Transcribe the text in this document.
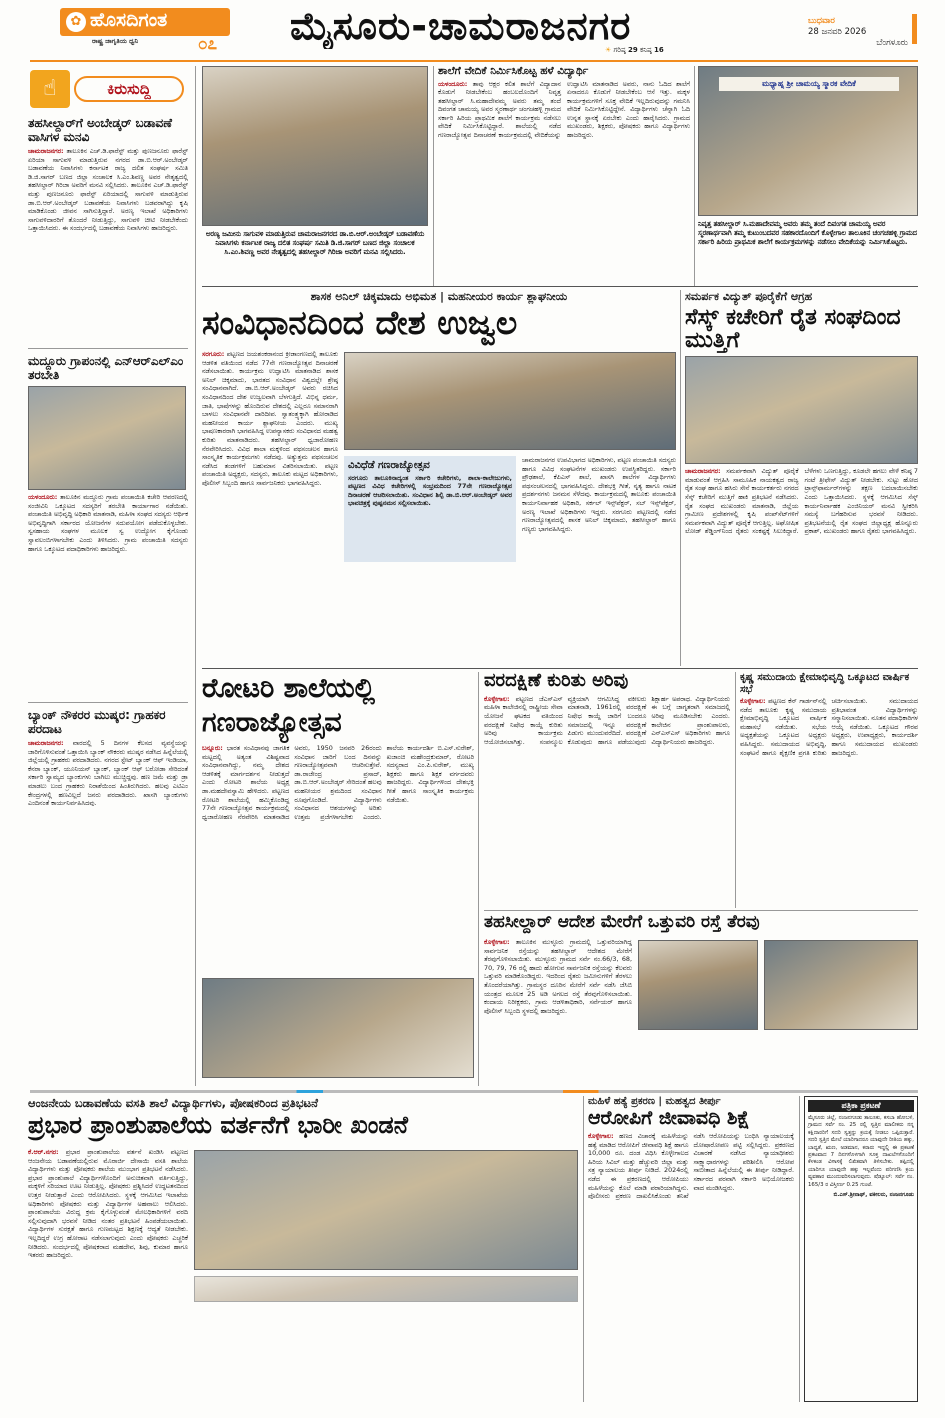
✿ ಹೊಸದಿಗಂತ
ರಾಷ್ಟ್ರ ಜಾಗೃತಿಯ ಧ್ವನಿ	೦೭ ಮೈಸೂರು-ಚಾಮರಾಜನಗರ
☀ ಗರಿಷ್ಠ 29 ಕನಿಷ್ಠ 16
ಬುಧವಾರ
28 ಜನವರಿ 2026
ಬೆಂಗಳೂರು
☝	ಕಿರುಸುದ್ದಿ
ತಹಸೀಲ್ದಾರ್‌ಗೆ ಅಂಬೇಡ್ಕರ್ ಬಡಾವಣೆ ವಾಸಿಗಳ ಮನವಿ
ಚಾಮರಾಜನಗರ: ತಾಲೂಕಿನ ಎಚ್.ಡಿ.ಫಾರೆಸ್ಟ್ ಮತ್ತು ಪುಣಜನೂರು ಫಾರೆಸ್ಟ್ ಏರಿಯಾ ಸಾಗುವಳಿ ಮಾಡುತ್ತಿರುವ ನಗರದ ಡಾ.ಬಿ.ಆರ್.ಅಂಬೇಡ್ಕರ್ ಬಡಾವಣೆಯ ನಿವಾಸಿಗಳು ಕರ್ನಾಟಕ ರಾಜ್ಯ ದಲಿತ ಸಂಘರ್ಷ ಸಮಿತಿ ಡಿ.ಜಿ.ಸಾಗರ್ ಬಣದ ಜಿಲ್ಲಾ ಸಂಚಾಲಕ ಸಿ.ಎಂ.ಶಿವಣ್ಣ ಅವರ ನೇತೃತ್ವದಲ್ಲಿ ತಹಸೀಲ್ದಾರ್ ಗಿರಿಜಾ ಅವರಿಗೆ ಮನವಿ ಸಲ್ಲಿಸಿದರು. ತಾಲೂಕಿನ ಎಚ್.ಡಿ.ಫಾರೆಸ್ಟ್ ಮತ್ತು ಪುಣಜನೂರು ಫಾರೆಸ್ಟ್ ಏರಿಯಾದಲ್ಲಿ ಸಾಗುವಳಿ ಮಾಡುತ್ತಿರುವ ಡಾ.ಬಿ.ಆರ್.ಅಂಬೇಡ್ಕರ್ ಬಡಾವಣೆಯ ನಿವಾಸಿಗಳು ಬಡವರಾಗಿದ್ದು ಕೃಷಿ ಮಾಡಿಕೊಂಡು ಜೀವನ ಸಾಗಿಸುತ್ತಿದ್ದಾರೆ. ಅರಣ್ಯ ಇಲಾಖೆ ಅಧಿಕಾರಿಗಳು ಸಾಗುವಳಿದಾರರಿಗೆ ತೊಂದರೆ ನೀಡುತ್ತಿದ್ದು, ಸಾಗುವಳಿ ಚೀಟಿ ನೀಡಬೇಕೆಂದು ಒತ್ತಾಯಿಸಿದರು. ಈ ಸಂದರ್ಭದಲ್ಲಿ ಬಡಾವಣೆಯ ನಿವಾಸಿಗಳು ಹಾಜರಿದ್ದರು.
ಮದ್ದೂರು ಗ್ರಾಪಂನಲ್ಲಿ ಎನ್‌ಆರ್‌ಎಲ್‌ಎಂ ತರಬೇತಿ
ಯಳಂದೂರು: ತಾಲೂಕಿನ ಮದ್ದೂರು ಗ್ರಾಮ ಪಂಚಾಯಿತಿ ಕಚೇರಿ ಆವರಣದಲ್ಲಿ ಸಂಜೀವಿನಿ ಒಕ್ಕೂಟದ ಸದಸ್ಯರಿಗೆ ತರಬೇತಿ ಕಾರ್ಯಾಗಾರ ನಡೆಯಿತು. ಪಂಚಾಯಿತಿ ಅಭಿವೃದ್ಧಿ ಅಧಿಕಾರಿ ಮಾತನಾಡಿ, ಮಹಿಳಾ ಸಂಘದ ಸದಸ್ಯರು ಆರ್ಥಿಕ ಅಭಿವೃದ್ಧಿಗಾಗಿ ಸರ್ಕಾರದ ಯೋಜನೆಗಳ ಸದುಪಯೋಗ ಪಡೆದುಕೊಳ್ಳಬೇಕು. ಸ್ವಸಹಾಯ ಸಂಘಗಳ ಮೂಲಕ ಸ್ವ ಉದ್ಯೋಗ ಕೈಗೊಂಡು ಸ್ವಾವಲಂಬಿಗಳಾಗಬೇಕು ಎಂದು ತಿಳಿಸಿದರು. ಗ್ರಾಮ ಪಂಚಾಯಿತಿ ಸದಸ್ಯರು ಹಾಗೂ ಒಕ್ಕೂಟದ ಪದಾಧಿಕಾರಿಗಳು ಹಾಜರಿದ್ದರು.
ಬ್ಯಾಂಕ್ ನೌಕರರ ಮುಷ್ಕರ: ಗ್ರಾಹಕರ ಪರದಾಟ
ಚಾಮರಾಜನಗರ: ವಾರದಲ್ಲಿ 5 ದಿನಗಳ ಕೆಲಸದ ವ್ಯವಸ್ಥೆಯನ್ನು ಜಾರಿಗೊಳಿಸುವಂತೆ ಒತ್ತಾಯಿಸಿ ಬ್ಯಾಂಕ್ ನೌಕರರು ಮುಷ್ಕರ ನಡೆಸಿದ ಹಿನ್ನೆಲೆಯಲ್ಲಿ ಜಿಲ್ಲೆಯಲ್ಲಿ ಗ್ರಾಹಕರು ಪರದಾಡಿದರು. ನಗರದ ಸ್ಟೇಟ್ ಬ್ಯಾಂಕ್ ಆಫ್ ಇಂಡಿಯಾ, ಕೆನರಾ ಬ್ಯಾಂಕ್, ಯೂನಿಯನ್ ಬ್ಯಾಂಕ್, ಬ್ಯಾಂಕ್ ಆಫ್ ಬರೋಡಾ ಸೇರಿದಂತೆ ಸರ್ಕಾರಿ ಸ್ವಾಮ್ಯದ ಬ್ಯಾಂಕುಗಳು ಬಾಗಿಲು ಮುಚ್ಚಿದ್ದವು. ಹಣ ಜಮೆ ಮತ್ತು ಡ್ರಾ ಮಾಡಲು ಬಂದ ಗ್ರಾಹಕರು ನಿರಾಶೆಯಿಂದ ಹಿಂತಿರುಗಿದರು. ಹಲವು ಎಟಿಎಂ ಕೇಂದ್ರಗಳಲ್ಲಿ ಹಣವಿಲ್ಲದೆ ಜನರು ಪರದಾಡಿದರು. ಖಾಸಗಿ ಬ್ಯಾಂಕುಗಳು ಎಂದಿನಂತೆ ಕಾರ್ಯನಿರ್ವಹಿಸಿದವು.
ಅರಣ್ಯ ಜಮೀನು ಸಾಗುವಳಿ ಮಾಡುತ್ತಿರುವ ಚಾಮರಾಜನಗರದ ಡಾ.ಬಿ.ಆರ್.ಅಂಬೇಡ್ಕರ್ ಬಡಾವಣೆಯ ನಿವಾಸಿಗಳು ಕರ್ನಾಟಕ ರಾಜ್ಯ ದಲಿತ ಸಂಘರ್ಷ ಸಮಿತಿ ಡಿ.ಜಿ.ಸಾಗರ್ ಬಣದ ಜಿಲ್ಲಾ ಸಂಚಾಲಕ ಸಿ.ಎಂ.ಶಿವಣ್ಣ ಅವರ ನೇತೃತ್ವದಲ್ಲಿ ತಹಸೀಲ್ದಾರ್ ಗಿರಿಜಾ ಅವರಿಗೆ ಮನವಿ ಸಲ್ಲಿಸಿದರು.
ಶಾಲೆಗೆ ವೇದಿಕೆ ನಿರ್ಮಿಸಿಕೊಟ್ಟ ಹಳೆ ವಿದ್ಯಾರ್ಥಿ
ಯಳಂದೂರು: ತಾವು ಆಕ್ಷರ ಕಲಿತ ಶಾಲೆಗೆ ವಿದ್ಯಾದಾನ ಕೊಡುಗೆ ನೀಡಬೇಕೆಂಬ ಹಂಬಲದೊಂದಿಗೆ ನಿವೃತ್ತ ತಹಸೀಲ್ದಾರ್ ಸಿ.ಮಹಾದೇವಮ್ಮ ಅವರು ತಮ್ಮ ತಂದೆ ದಿವಂಗತ ಚಾಮಯ್ಯ ಅವರ ಸ್ಮರಣಾರ್ಥ ಚಂಗಚಹಳ್ಳಿ ಗ್ರಾಮದ ಸರ್ಕಾರಿ ಹಿರಿಯ ಪ್ರಾಥಮಿಕ ಶಾಲೆಗೆ ಕಾರ್ಯಕ್ರಮ ನಡೆಸಲು ವೇದಿಕೆ ನಿರ್ಮಿಸಿಕೊಟ್ಟಿದ್ದಾರೆ. ಶಾಲೆಯಲ್ಲಿ ನಡೆದ ಗಣರಾಜ್ಯೋತ್ಸವ ದಿನಾಚರಣೆ ಕಾರ್ಯಕ್ರಮದಲ್ಲಿ ವೇದಿಕೆಯನ್ನು ಉದ್ಘಾಟಿಸಿ ಮಾತನಾಡಿದ ಅವರು, ನಾನು ಓದಿದ ಶಾಲೆಗೆ ಏನಾದರೂ ಕೊಡುಗೆ ನೀಡಬೇಕೆಂಬ ಆಸೆ ಇತ್ತು. ಮಕ್ಕಳ ಕಾರ್ಯಕ್ರಮಗಳಿಗೆ ಸೂಕ್ತ ವೇದಿಕೆ ಇಲ್ಲದಿರುವುದನ್ನು ಗಮನಿಸಿ ವೇದಿಕೆ ನಿರ್ಮಿಸಿಕೊಟ್ಟಿದ್ದೇನೆ. ವಿದ್ಯಾರ್ಥಿಗಳು ಚೆನ್ನಾಗಿ ಓದಿ ಉನ್ನತ ಸ್ಥಾನಕ್ಕೆ ಏರಬೇಕು ಎಂದು ಹಾರೈಸಿದರು. ಗ್ರಾಮದ ಮುಖಂಡರು, ಶಿಕ್ಷಕರು, ಪೋಷಕರು ಹಾಗೂ ವಿದ್ಯಾರ್ಥಿಗಳು ಹಾಜರಿದ್ದರು.
ಮಧ್ಯಾಹ್ನ ಶ್ರೀ ಚಾಮಯ್ಯ ಸ್ಮಾರಕ ವೇದಿಕೆ
ನಿವೃತ್ತ ತಹಸೀಲ್ದಾರ್ ಸಿ.ಮಹಾದೇವಮ್ಮ ಅವರು ತಮ್ಮ ತಂದೆ ದಿವಂಗತ ಚಾಮಯ್ಯ ಅವರ ಸ್ಮರಣಾರ್ಥವಾಗಿ ತಮ್ಮ ಕುಟುಂಬದವರ ಸಹಕಾರದೊಂದಿಗೆ ಕೊಳ್ಳೇಗಾಲ ತಾಲೂಕಿನ ಚಂಗಚಹಳ್ಳಿ ಗ್ರಾಮದ ಸರ್ಕಾರಿ ಹಿರಿಯ ಪ್ರಾಥಮಿಕ ಶಾಲೆಗೆ ಕಾರ್ಯಕ್ರಮಗಳನ್ನು ನಡೆಸಲು ವೇದಿಕೆಯನ್ನು ನಿರ್ಮಿಸಿಕೊಟ್ಟರು.
ಶಾಸಕ ಅನಿಲ್ ಚಿಕ್ಕಮಾದು ಅಭಿಮತ | ಮಹನೀಯರ ಕಾರ್ಯ ಶ್ಲಾಘನೀಯ
ಸಂವಿಧಾನದಿಂದ ದೇಶ ಉಜ್ವಲ
ಸರಗೂರು: ಪಟ್ಟಣದ ಜಯಶಂಕರಾನಂದ ಕ್ರೀಡಾಂಗಣದಲ್ಲಿ ತಾಲೂಕು ಆಡಳಿತ ವತಿಯಿಂದ ನಡೆದ 77ನೇ ಗಣರಾಜ್ಯೋತ್ಸವ ದಿನಾಚರಣೆ ನಡೆಸಲಾಯಿತು. ಕಾರ್ಯಕ್ರಮ ಉದ್ಘಾಟಿಸಿ ಮಾತನಾಡಿದ ಶಾಸಕ ಅನಿಲ್ ಚಿಕ್ಕಮಾದು, ಭಾರತದ ಸಂವಿಧಾನ ವಿಶ್ವದಲ್ಲೇ ಶ್ರೇಷ್ಠ ಸಂವಿಧಾನವಾಗಿದೆ. ಡಾ.ಬಿ.ಆರ್.ಅಂಬೇಡ್ಕರ್ ಅವರು ರಚಿಸಿದ ಸಂವಿಧಾನದಿಂದ ದೇಶ ಉಜ್ವಲವಾಗಿ ಬೆಳಗುತ್ತಿದೆ. ವಿಭಿನ್ನ ಧರ್ಮ, ಜಾತಿ, ಭಾಷೆಗಳನ್ನು ಹೊಂದಿರುವ ದೇಶದಲ್ಲಿ ಎಲ್ಲರೂ ಸಮಾನರಾಗಿ ಬಾಳಲು ಸಂವಿಧಾನವೇ ದಾರಿದೀಪ. ಸ್ವಾತಂತ್ರ್ಯಕ್ಕಾಗಿ ಹೋರಾಡಿದ ಮಹನೀಯರ ಕಾರ್ಯ ಶ್ಲಾಘನೀಯ ಎಂದರು. ಮುಖ್ಯ ಭಾಷಣಕಾರರಾಗಿ ಭಾಗವಹಿಸಿದ್ದ ಉಪನ್ಯಾಸಕರು ಸಂವಿಧಾನದ ಮಹತ್ವ ಕುರಿತು ಮಾತನಾಡಿದರು. ತಹಸೀಲ್ದಾರ್ ಧ್ವಜಾರೋಹಣ ನೆರವೇರಿಸಿದರು. ವಿವಿಧ ಶಾಲಾ ಮಕ್ಕಳಿಂದ ಪಥಸಂಚಲನ ಹಾಗೂ ಸಾಂಸ್ಕೃತಿಕ ಕಾರ್ಯಕ್ರಮಗಳು ನಡೆದವು. ಅತ್ಯುತ್ತಮ ಪಥಸಂಚಲನ ನಡೆಸಿದ ತಂಡಗಳಿಗೆ ಬಹುಮಾನ ವಿತರಿಸಲಾಯಿತು. ಪಟ್ಟಣ ಪಂಚಾಯಿತಿ ಅಧ್ಯಕ್ಷರು, ಸದಸ್ಯರು, ತಾಲೂಕು ಮಟ್ಟದ ಅಧಿಕಾರಿಗಳು, ಪೊಲೀಸ್ ಸಿಬ್ಬಂದಿ ಹಾಗೂ ಸಾರ್ವಜನಿಕರು ಭಾಗವಹಿಸಿದ್ದರು.
ವಿವಿಧೆಡೆ ಗಣರಾಜ್ಯೋತ್ಸವ
ಸರಗೂರು ತಾಲೂಕಿನಾದ್ಯಂತ ಸರ್ಕಾರಿ ಕಚೇರಿಗಳು, ಶಾಲಾ-ಕಾಲೇಜುಗಳು, ಪಟ್ಟಣದ ವಿವಿಧ ಕಚೇರಿಗಳಲ್ಲಿ ಸಂಭ್ರಮದಿಂದ 77ನೇ ಗಣರಾಜ್ಯೋತ್ಸವ ದಿನಾಚರಣೆ ಆಚರಿಸಲಾಯಿತು. ಸಂವಿಧಾನ ಶಿಲ್ಪಿ ಡಾ.ಬಿ.ಆರ್.ಅಂಬೇಡ್ಕರ್ ಅವರ ಭಾವಚಿತ್ರಕ್ಕೆ ಪುಷ್ಪನಮನ ಸಲ್ಲಿಸಲಾಯಿತು.
ಚಾಮರಾಜನಗರ ಉಪವಿಭಾಗದ ಅಧಿಕಾರಿಗಳು, ಪಟ್ಟಣ ಪಂಚಾಯಿತಿ ಸದಸ್ಯರು ಹಾಗೂ ವಿವಿಧ ಸಂಘಟನೆಗಳ ಮುಖಂಡರು ಉಪಸ್ಥಿತರಿದ್ದರು. ಸರ್ಕಾರಿ ಪ್ರೌಢಶಾಲೆ, ಕೆಪಿಎಸ್ ಶಾಲೆ, ಖಾಸಗಿ ಶಾಲೆಗಳ ವಿದ್ಯಾರ್ಥಿಗಳು ಪಥಸಂಚಲನದಲ್ಲಿ ಭಾಗವಹಿಸಿದ್ದರು. ದೇಶಭಕ್ತಿ ಗೀತೆ, ನೃತ್ಯ ಹಾಗೂ ನಾಟಕ ಪ್ರದರ್ಶನಗಳು ಜನಮನ ಸೆಳೆದವು. ಕಾರ್ಯಕ್ರಮದಲ್ಲಿ ತಾಲೂಕು ಪಂಚಾಯಿತಿ ಕಾರ್ಯನಿರ್ವಾಹಕ ಅಧಿಕಾರಿ, ಸರ್ಕಲ್ ಇನ್ಸ್‌ಪೆಕ್ಟರ್, ಸಬ್ ಇನ್ಸ್‌ಪೆಕ್ಟರ್, ಅರಣ್ಯ ಇಲಾಖೆ ಅಧಿಕಾರಿಗಳು ಇದ್ದರು. ಸರಗೂರು ಪಟ್ಟಣದಲ್ಲಿ ನಡೆದ ಗಣರಾಜ್ಯೋತ್ಸವದಲ್ಲಿ ಶಾಸಕ ಅನಿಲ್ ಚಿಕ್ಕಮಾದು, ತಹಸೀಲ್ದಾರ್ ಹಾಗೂ ಗಣ್ಯರು ಭಾಗವಹಿಸಿದ್ದರು.
ಸಮರ್ಪಕ ವಿದ್ಯುತ್ ಪೂರೈಕೆಗೆ ಆಗ್ರಹ
ಸೆಸ್ಕ್ ಕಚೇರಿಗೆ ರೈತ ಸಂಘದಿಂದ ಮುತ್ತಿಗೆ
ಚಾಮರಾಜನಗರ: ಸಮರ್ಪಕವಾಗಿ ವಿದ್ಯುತ್ ಪೂರೈಕೆ ಮಾಡುವಂತೆ ಆಗ್ರಹಿಸಿ ಸಾಮೂಹಿಕ ನಾಯಕತ್ವದ ರಾಜ್ಯ ರೈತ ಸಂಘ ಹಾಗೂ ಹಸಿರು ಸೇನೆ ಕಾರ್ಯಕರ್ತರು ನಗರದ ಸೆಸ್ಕ್ ಕಚೇರಿಗೆ ಮುತ್ತಿಗೆ ಹಾಕಿ ಪ್ರತಿಭಟನೆ ನಡೆಸಿದರು. ರೈತ ಸಂಘದ ಮುಖಂಡರು ಮಾತನಾಡಿ, ಜಿಲ್ಲೆಯ ಗ್ರಾಮೀಣ ಪ್ರದೇಶಗಳಲ್ಲಿ ಕೃಷಿ ಪಂಪ್‌ಸೆಟ್‌ಗಳಿಗೆ ಸಮರ್ಪಕವಾಗಿ ವಿದ್ಯುತ್ ಪೂರೈಕೆ ಆಗುತ್ತಿಲ್ಲ. ಅಘೋಷಿತ ಲೋಡ್ ಶೆಡ್ಡಿಂಗ್‌ನಿಂದ ರೈತರು ಸಂಕಷ್ಟಕ್ಕೆ ಸಿಲುಕಿದ್ದಾರೆ. ಬೆಳೆಗಳು ಒಣಗುತ್ತಿದ್ದು, ಕೂಡಲೇ ಹಗಲು ವೇಳೆ ಕನಿಷ್ಠ 7 ಗಂಟೆ ತ್ರೀಫೇಸ್ ವಿದ್ಯುತ್ ನೀಡಬೇಕು. ಸುಟ್ಟು ಹೋದ ಟ್ರಾನ್ಸ್‌ಫಾರ್ಮರ್‌ಗಳನ್ನು ತಕ್ಷಣ ಬದಲಾಯಿಸಬೇಕು ಎಂದು ಒತ್ತಾಯಿಸಿದರು. ಸ್ಥಳಕ್ಕೆ ಆಗಮಿಸಿದ ಸೆಸ್ಕ್ ಕಾರ್ಯನಿರ್ವಾಹಕ ಎಂಜಿನಿಯರ್ ಮನವಿ ಸ್ವೀಕರಿಸಿ ಸಮಸ್ಯೆ ಬಗೆಹರಿಸುವ ಭರವಸೆ ನೀಡಿದರು. ಪ್ರತಿಭಟನೆಯಲ್ಲಿ ರೈತ ಸಂಘದ ಜಿಲ್ಲಾಧ್ಯಕ್ಷ ಹೊನ್ನೂರು ಪ್ರಕಾಶ್, ಮುಖಂಡರು ಹಾಗೂ ರೈತರು ಭಾಗವಹಿಸಿದ್ದರು.
ರೋಟರಿ ಶಾಲೆಯಲ್ಲಿ ಗಣರಾಜ್ಯೋತ್ಸವ
ಬನ್ನೂರು: ಭಾರತ ಸಂವಿಧಾನವು ಜಾಗತಿಕ ಮಟ್ಟದಲ್ಲಿ ಅತ್ಯಂತ ವಿಶಿಷ್ಟವಾದ ಸಂವಿಧಾನವಾಗಿದ್ದು, ನಮ್ಮ ದೇಶದ ಆಡಳಿತಕ್ಕೆ ಮಾರ್ಗದರ್ಶನ ನೀಡುತ್ತದೆ ಎಂದು ರೋಟರಿ ಶಾಲೆಯ ಅಧ್ಯಕ್ಷ ಡಾ.ಮಹದೇವಸ್ವಾಮಿ ಹೇಳಿದರು. ಪಟ್ಟಣದ ರೋಟರಿ ಶಾಲೆಯಲ್ಲಿ ಹಮ್ಮಿಕೊಂಡಿದ್ದ 77ನೇ ಗಣರಾಜ್ಯೋತ್ಸವ ಕಾರ್ಯಕ್ರಮದಲ್ಲಿ ಧ್ವಜಾರೋಹಣ ನೆರವೇರಿಸಿ ಮಾತನಾಡಿದ ಅವರು, 1950 ಜನವರಿ 26ರಂದು ಸಂವಿಧಾನ ಜಾರಿಗೆ ಬಂದ ದಿನವನ್ನು ಗಣರಾಜ್ಯೋತ್ಸವವಾಗಿ ಆಚರಿಸುತ್ತೇವೆ. ಡಾ.ರಾಜೇಂದ್ರ ಪ್ರಸಾದ್, ಡಾ.ಬಿ.ಆರ್.ಅಂಬೇಡ್ಕರ್ ಸೇರಿದಂತೆ ಹಲವು ಮಹನೀಯರ ಶ್ರಮದಿಂದ ಸಂವಿಧಾನ ರೂಪುಗೊಂಡಿದೆ. ವಿದ್ಯಾರ್ಥಿಗಳು ಸಂವಿಧಾನದ ಆಶಯಗಳನ್ನು ಅರಿತು ಉತ್ತಮ ಪ್ರಜೆಗಳಾಗಬೇಕು ಎಂದರು. ಶಾಲೆಯ ಕಾರ್ಯದರ್ಶಿ ಬಿ.ಎಸ್.ಸುರೇಶ್, ಖಜಾಂಚಿ ಮಹೇಂದ್ರಕುಮಾರ್, ರೋಟರಿ ಸದಸ್ಯರಾದ ಎಂ.ಪಿ.ಸುರೇಶ್, ಮುಖ್ಯ ಶಿಕ್ಷಕರು ಹಾಗೂ ಶಿಕ್ಷಕ ವರ್ಗದವರು ಹಾಜರಿದ್ದರು. ವಿದ್ಯಾರ್ಥಿಗಳಿಂದ ದೇಶಭಕ್ತಿ ಗೀತೆ ಹಾಗೂ ಸಾಂಸ್ಕೃತಿಕ ಕಾರ್ಯಕ್ರಮ ನಡೆಯಿತು.
ವರದಕ್ಷಿಣೆ ಕುರಿತು ಅರಿವು
ಕೊಳ್ಳೇಗಾಲ: ಪಟ್ಟಣದ ಜೆಎಸ್‌ಎಸ್ ಮಹಿಳಾ ಕಾಲೇಜಿನಲ್ಲಿ ರಾಷ್ಟ್ರೀಯ ಸೇವಾ ಯೋಜನೆ ಘಟಕದ ವತಿಯಿಂದ ವರದಕ್ಷಿಣೆ ನಿಷೇಧ ಕಾಯ್ದೆ ಕುರಿತು ಅರಿವು ಕಾರ್ಯಕ್ರಮ ಆಯೋಜಿಸಲಾಗಿತ್ತು. ಸಂಪನ್ಮೂಲ ವ್ಯಕ್ತಿಯಾಗಿ ಆಗಮಿಸಿದ್ದ ವಕೀಲರು ಮಾತನಾಡಿ, 1961ರಲ್ಲಿ ವರದಕ್ಷಿಣೆ ನಿಷೇಧ ಕಾಯ್ದೆ ಜಾರಿಗೆ ಬಂದರೂ ಸಮಾಜದಲ್ಲಿ ಇನ್ನೂ ವರದಕ್ಷಿಣೆ ಪಿಡುಗು ಮುಂದುವರೆದಿದೆ. ವರದಕ್ಷಿಣೆ ಕೊಡುವುದು ಹಾಗೂ ಪಡೆಯುವುದು ಶಿಕ್ಷಾರ್ಹ ಅಪರಾಧ. ವಿದ್ಯಾರ್ಥಿನಿಯರು ಈ ಬಗ್ಗೆ ಜಾಗೃತರಾಗಿ ಸಮಾಜದಲ್ಲಿ ಅರಿವು ಮೂಡಿಸಬೇಕು ಎಂದರು. ಕಾಲೇಜಿನ ಪ್ರಾಂಶುಪಾಲರು, ಎನ್‌ಎಸ್‌ಎಸ್ ಅಧಿಕಾರಿಗಳು ಹಾಗೂ ವಿದ್ಯಾರ್ಥಿನಿಯರು ಹಾಜರಿದ್ದರು.
ಕೃಷ್ಣ ಸಮುದಾಯ ಕ್ಷೇಮಾಭಿವೃದ್ಧಿ ಒಕ್ಕೂಟದ ವಾರ್ಷಿಕ ಸಭೆ
ಕೊಳ್ಳೇಗಾಲ: ಪಟ್ಟಣದ ಕೆನ್ ಗಾರ್ಡನ್‌ನಲ್ಲಿ ನಡೆದ ತಾಲೂಕು ಕೃಷ್ಣ ಸಮುದಾಯ ಕ್ಷೇಮಾಭಿವೃದ್ಧಿ ಒಕ್ಕೂಟದ ವಾರ್ಷಿಕ ಮಹಾಸಭೆ ನಡೆಯಿತು. ಸಭೆಯ ಅಧ್ಯಕ್ಷತೆಯನ್ನು ಒಕ್ಕೂಟದ ಅಧ್ಯಕ್ಷರು ವಹಿಸಿದ್ದರು. ಸಮುದಾಯದ ಅಭಿವೃದ್ಧಿ, ಸಂಘಟನೆ ಹಾಗೂ ಶೈಕ್ಷಣಿಕ ಪ್ರಗತಿ ಕುರಿತು ಚರ್ಚಿಸಲಾಯಿತು. ಸಮುದಾಯದ ಪ್ರತಿಭಾವಂತ ವಿದ್ಯಾರ್ಥಿಗಳನ್ನು ಸನ್ಮಾನಿಸಲಾಯಿತು. ನೂತನ ಪದಾಧಿಕಾರಿಗಳ ಆಯ್ಕೆ ನಡೆಯಿತು. ಒಕ್ಕೂಟದ ಗೌರವ ಅಧ್ಯಕ್ಷರು, ಉಪಾಧ್ಯಕ್ಷರು, ಕಾರ್ಯದರ್ಶಿ ಹಾಗೂ ಸಮುದಾಯದ ಮುಖಂಡರು ಹಾಜರಿದ್ದರು.
ತಹಸೀಲ್ದಾರ್ ಆದೇಶ ಮೇರೆಗೆ ಒತ್ತುವರಿ ರಸ್ತೆ ತೆರವು
ಕೊಳ್ಳೇಗಾಲ: ತಾಲೂಕಿನ ಮುಳ್ಳೂರು ಗ್ರಾಮದಲ್ಲಿ ಒತ್ತುವರಿಯಾಗಿದ್ದ ಸಾರ್ವಜನಿಕ ರಸ್ತೆಯನ್ನು ತಹಸೀಲ್ದಾರ್ ಆದೇಶದ ಮೇರೆಗೆ ತೆರವುಗೊಳಿಸಲಾಯಿತು. ಮುಳ್ಳೂರು ಗ್ರಾಮದ ಸರ್ವೆ ನಂ.66/3, 68, 70, 79, 76 ರಲ್ಲಿ ಹಾದು ಹೋಗುವ ಸಾರ್ವಜನಿಕ ರಸ್ತೆಯನ್ನು ಕೆಲವರು ಒತ್ತುವರಿ ಮಾಡಿಕೊಂಡಿದ್ದರು. ಇದರಿಂದ ರೈತರು ಜಮೀನುಗಳಿಗೆ ತೆರಳಲು ತೊಂದರೆಯಾಗಿತ್ತು. ಗ್ರಾಮಸ್ಥರ ದೂರಿನ ಮೇರೆಗೆ ಸರ್ವೆ ನಡೆಸಿ ಜೆಸಿಬಿ ಯಂತ್ರದ ಮೂಲಕ 25 ಅಡಿ ಅಗಲದ ರಸ್ತೆ ತೆರವುಗೊಳಿಸಲಾಯಿತು. ಕಂದಾಯ ನಿರೀಕ್ಷಕರು, ಗ್ರಾಮ ಆಡಳಿತಾಧಿಕಾರಿ, ಸರ್ವೆಯರ್ ಹಾಗೂ ಪೊಲೀಸ್ ಸಿಬ್ಬಂದಿ ಸ್ಥಳದಲ್ಲಿ ಹಾಜರಿದ್ದರು.
ಆಂಜನೇಯ ಬಡಾವಣೆಯ ವಸತಿ ಶಾಲೆ ವಿದ್ಯಾರ್ಥಿಗಳು, ಪೋಷಕರಿಂದ ಪ್ರತಿಭಟನೆ
ಪ್ರಭಾರ ಪ್ರಾಂಶುಪಾಲೆಯ ವರ್ತನೆಗೆ ಭಾರೀ ಖಂಡನೆ
ಕೆ.ಆರ್.ನಗರ: ಪ್ರಭಾರ ಪ್ರಾಂಶುಪಾಲೆಯ ವರ್ತನೆ ಖಂಡಿಸಿ ಪಟ್ಟಣದ ಆಂಜನೇಯ ಬಡಾವಣೆಯಲ್ಲಿರುವ ಮೊರಾರ್ಜಿ ದೇಸಾಯಿ ವಸತಿ ಶಾಲೆಯ ವಿದ್ಯಾರ್ಥಿಗಳು ಮತ್ತು ಪೋಷಕರು ಶಾಲೆಯ ಮುಂಭಾಗ ಪ್ರತಿಭಟನೆ ನಡೆಸಿದರು. ಪ್ರಭಾರ ಪ್ರಾಂಶುಪಾಲೆ ವಿದ್ಯಾರ್ಥಿಗಳೊಂದಿಗೆ ಅನುಚಿತವಾಗಿ ವರ್ತಿಸುತ್ತಿದ್ದು, ಮಕ್ಕಳಿಗೆ ಸರಿಯಾದ ಊಟ ನೀಡುತ್ತಿಲ್ಲ. ಪೋಷಕರು ಪ್ರಶ್ನಿಸಿದರೆ ಉದ್ಧಟತನದಿಂದ ಉತ್ತರ ನೀಡುತ್ತಾರೆ ಎಂದು ಆರೋಪಿಸಿದರು. ಸ್ಥಳಕ್ಕೆ ಆಗಮಿಸಿದ ಇಲಾಖೆಯ ಅಧಿಕಾರಿಗಳು ಪೋಷಕರು ಮತ್ತು ವಿದ್ಯಾರ್ಥಿಗಳ ಅಹವಾಲು ಆಲಿಸಿದರು. ಪ್ರಾಂಶುಪಾಲೆಯ ವಿರುದ್ಧ ಕ್ರಮ ಕೈಗೊಳ್ಳುವಂತೆ ಮೇಲಧಿಕಾರಿಗಳಿಗೆ ವರದಿ ಸಲ್ಲಿಸುವುದಾಗಿ ಭರವಸೆ ನೀಡಿದ ನಂತರ ಪ್ರತಿಭಟನೆ ಹಿಂಪಡೆಯಲಾಯಿತು. ವಿದ್ಯಾರ್ಥಿಗಳ ಸುರಕ್ಷತೆ ಹಾಗೂ ಗುಣಮಟ್ಟದ ಶಿಕ್ಷಣಕ್ಕೆ ಆದ್ಯತೆ ನೀಡಬೇಕು. ಇಲ್ಲದಿದ್ದರೆ ಉಗ್ರ ಹೋರಾಟ ನಡೆಸಲಾಗುವುದು ಎಂದು ಪೋಷಕರು ಎಚ್ಚರಿಕೆ ನೀಡಿದರು. ಸಂದರ್ಭದಲ್ಲಿ ಪೋಷಕರಾದ ಮಹದೇವ, ಶಿವು, ಕುಮಾರ ಹಾಗೂ ಇತರರು ಹಾಜರಿದ್ದರು.
ಮಹಿಳೆ ಹತ್ಯೆ ಪ್ರಕರಣ | ಮಹತ್ವದ ತೀರ್ಪು
ಆರೋಪಿಗೆ ಜೀವಾವಧಿ ಶಿಕ್ಷೆ
ಕೊಳ್ಳೇಗಾಲ: ಹಣದ ವಿಚಾರಕ್ಕೆ ಮಹಿಳೆಯನ್ನು ಹತ್ಯೆ ಮಾಡಿದ ಆರೋಪಿಗೆ ಜೀವಾವಧಿ ಶಿಕ್ಷೆ ಹಾಗೂ 10,000 ರೂ. ದಂಡ ವಿಧಿಸಿ ಕೊಳ್ಳೇಗಾಲದ ಹಿರಿಯ ಸಿವಿಲ್ ಮತ್ತು ಹೆಚ್ಚುವರಿ ಜಿಲ್ಲಾ ಮತ್ತು ಸತ್ರ ನ್ಯಾಯಾಲಯ ತೀರ್ಪು ನೀಡಿದೆ. 2024ರಲ್ಲಿ ನಡೆದ ಈ ಪ್ರಕರಣದಲ್ಲಿ ಆರೋಪಿಯು ಮಹಿಳೆಯನ್ನು ಕೊಲೆ ಮಾಡಿ ಪರಾರಿಯಾಗಿದ್ದನು. ಪೊಲೀಸರು ಪ್ರಕರಣ ದಾಖಲಿಸಿಕೊಂಡು ತನಿಖೆ ನಡೆಸಿ ಆರೋಪಿಯನ್ನು ಬಂಧಿಸಿ ನ್ಯಾಯಾಲಯಕ್ಕೆ ದೋಷಾರೋಪಣ ಪಟ್ಟಿ ಸಲ್ಲಿಸಿದ್ದರು. ಪ್ರಕರಣದ ವಿಚಾರಣೆ ನಡೆಸಿದ ನ್ಯಾಯಾಧೀಶರು ಸಾಕ್ಷ್ಯಾಧಾರಗಳನ್ನು ಪರಿಶೀಲಿಸಿ ಆರೋಪ ಸಾಬೀತಾದ ಹಿನ್ನೆಲೆಯಲ್ಲಿ ಈ ತೀರ್ಪು ನೀಡಿದ್ದಾರೆ. ಸರ್ಕಾರದ ಪರವಾಗಿ ಸರ್ಕಾರಿ ಅಭಿಯೋಜಕರು ವಾದ ಮಂಡಿಸಿದ್ದರು.
ಪತ್ರಿಕಾ ಪ್ರಕಟಣೆ
ಮೈಸೂರು ಜಿಲ್ಲೆ, ನಂಜನಗೂಡು ತಾಲೂಕು, ಕಸಬಾ ಹೋಬಳಿ, ಗ್ರಾಮದ ಸರ್ವೆ ನಂ. 25 ರಲ್ಲಿ ಸ್ವತ್ತಿನ ಮಾಲೀಕರು ನನ್ನ ಕಕ್ಷಿದಾರರಿಗೆ ಸದರಿ ಸ್ವತ್ತನ್ನು ಕ್ರಯಕ್ಕೆ ನೀಡಲು ಒಪ್ಪಿರುತ್ತಾರೆ. ಸದರಿ ಸ್ವತ್ತಿನ ಮೇಲೆ ಯಾರಿಗಾದರೂ ಯಾವುದೇ ರೀತಿಯ ಹಕ್ಕು, ಬಾಧ್ಯತೆ, ಋಣ, ಅಡಮಾನ, ಕರಾರು ಇದ್ದಲ್ಲಿ ಈ ಪ್ರಕಟಣೆ ಪ್ರಕಟವಾದ 7 ದಿನಗಳೊಳಗಾಗಿ ಸೂಕ್ತ ದಾಖಲೆಗಳೊಂದಿಗೆ ಕೆಳಕಂಡ ವಿಳಾಸಕ್ಕೆ ಲಿಖಿತವಾಗಿ ತಿಳಿಸಬೇಕು. ತಪ್ಪಿದಲ್ಲಿ ಯಾರಿಗೂ ಯಾವುದೇ ಹಕ್ಕು ಇಲ್ಲವೆಂದು ಪರಿಗಣಿಸಿ ಕ್ರಯ ವ್ಯವಹಾರ ಮುಂದುವರಿಸಲಾಗುವುದು. ಷೆಡ್ಯೂಲ್: ಸರ್ವೆ ನಂ. 165/3 ರ ವಿಸ್ತೀರ್ಣ 0.25 ಗುಂಟೆ.
ಬಿ.ಎಸ್.ಶ್ರೀನಾಥ್, ವಕೀಲರು, ನಂಜನಗೂಡು
